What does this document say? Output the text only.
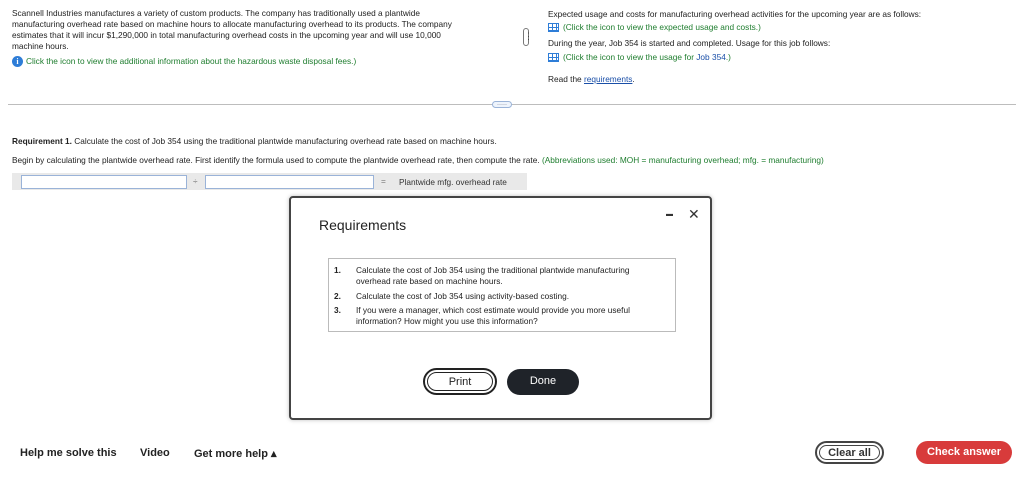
Scannell Industries manufactures a variety of custom products. The company has traditionally used a plantwide
manufacturing overhead rate based on machine hours to allocate manufacturing overhead to its products. The company
estimates that it will incur $1,290,000 in total manufacturing overhead costs in the upcoming year and will use 10,000
machine hours.
i Click the icon to view the additional information about the hazardous waste disposal fees.)
⋮
Expected usage and costs for manufacturing overhead activities for the upcoming year are as follows:
(Click the icon to view the expected usage and costs.)
During the year, Job 354 is started and completed. Usage for this job follows:
(Click the icon to view the usage for Job 354.)
Read the requirements.
·····
Requirement 1. Calculate the cost of Job 354 using the traditional plantwide manufacturing overhead rate based on machine hours.
Begin by calculating the plantwide overhead rate. First identify the formula used to compute the plantwide overhead rate, then compute the rate. (Abbreviations used: MOH = manufacturing overhead; mfg. = manufacturing)
÷	= Plantwide mfg. overhead rate
Requirements
▬ ✕
1. Calculate the cost of Job 354 using the traditional plantwide manufacturing
overhead rate based on machine hours.
2. Calculate the cost of Job 354 using activity-based costing.
3. If you were a manager, which cost estimate would provide you more useful
information? How might you use this information?
Print	Done
Help me solve this Video Get more help ▴	Clear all	Check answer
